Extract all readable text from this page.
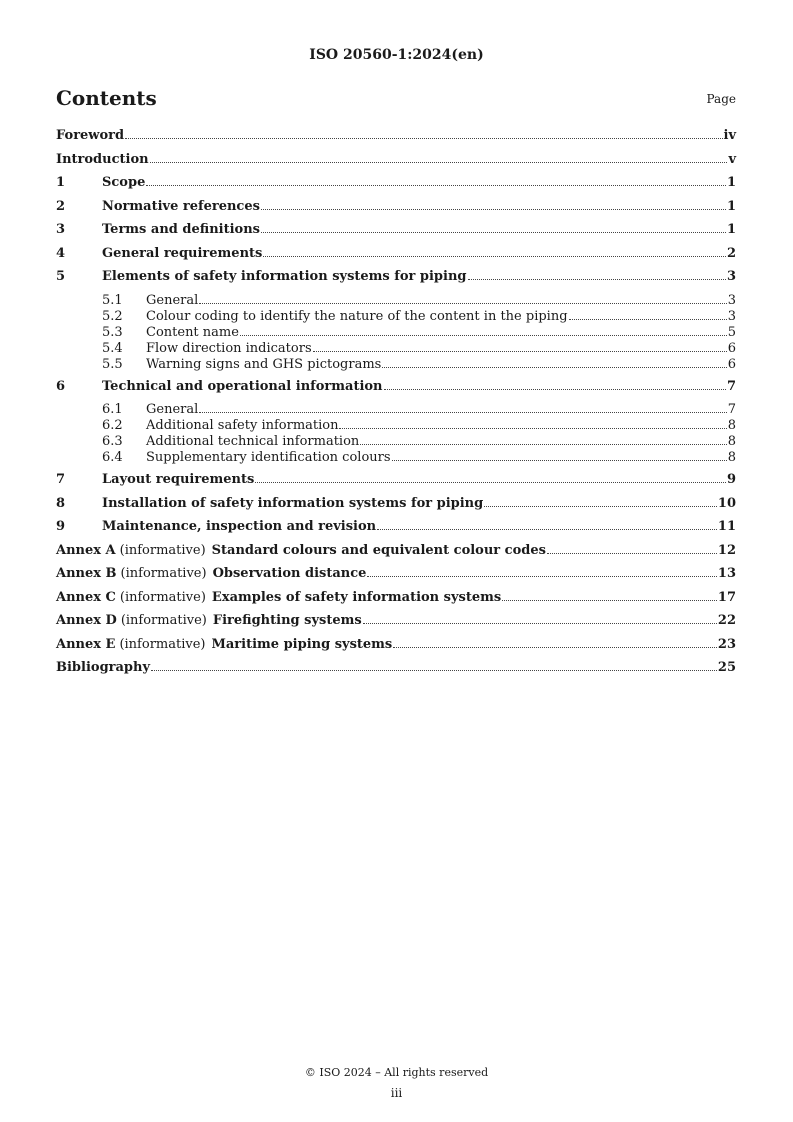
ISO 20560-1:2024(en)
Contents	Page
Foreword	iv
Introduction	v
1	Scope	1
2	Normative references	1
3	Terms and definitions	1
4	General requirements	2
5	Elements of safety information systems for piping	3
5.1	General	3
5.2	Colour coding to identify the nature of the content in the piping	3
5.3	Content name	5
5.4	Flow direction indicators	6
5.5	Warning signs and GHS pictograms	6
6	Technical and operational information	7
6.1	General	7
6.2	Additional safety information	8
6.3	Additional technical information	8
6.4	Supplementary identification colours	8
7	Layout requirements	9
8	Installation of safety information systems for piping	10
9	Maintenance, inspection and revision	11
Annex A (informative) Standard colours and equivalent colour codes	12
Annex B (informative) Observation distance	13
Annex C (informative) Examples of safety information systems	17
Annex D (informative) Firefighting systems	22
Annex E (informative) Maritime piping systems	23
Bibliography	25
© ISO 2024 – All rights reserved
iii
